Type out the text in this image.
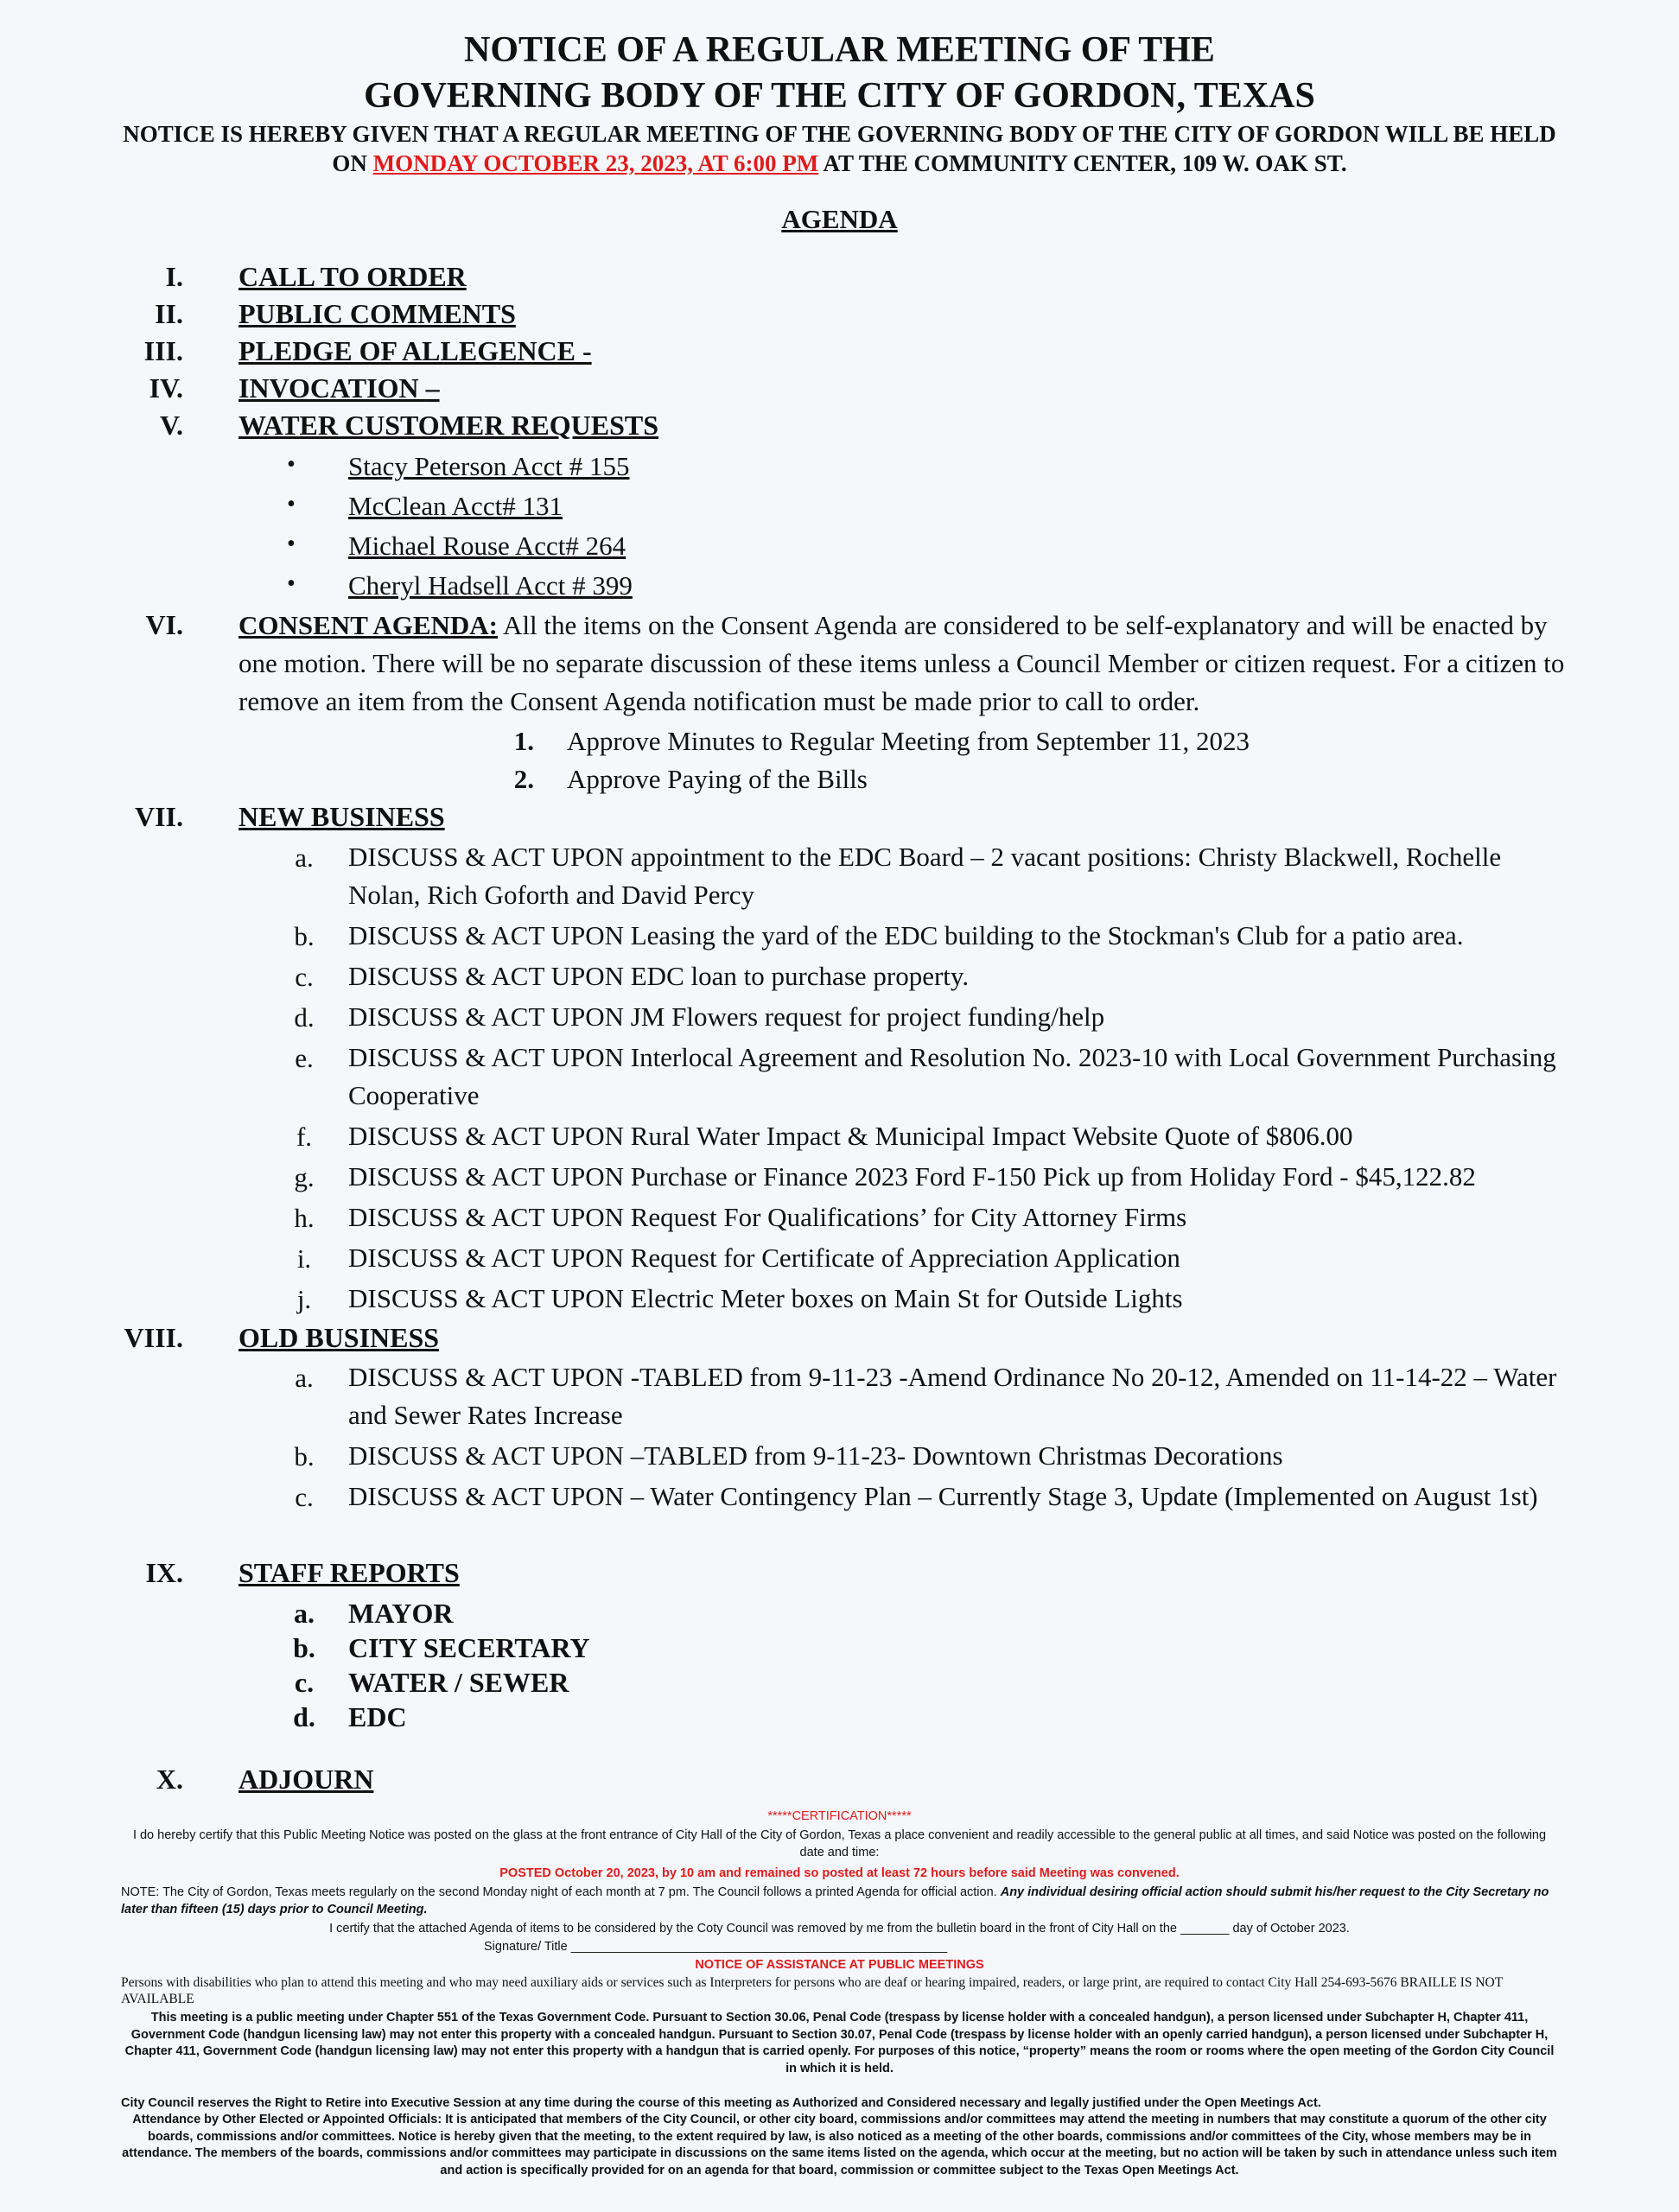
NOTICE OF A REGULAR MEETING OF THE
GOVERNING BODY OF THE CITY OF GORDON, TEXAS
NOTICE IS HEREBY GIVEN THAT A REGULAR MEETING OF THE GOVERNING BODY OF THE CITY OF GORDON WILL BE HELD ON MONDAY OCTOBER 23, 2023, AT 6:00 PM AT THE COMMUNITY CENTER, 109 W. OAK ST.
AGENDA
I. CALL TO ORDER
II. PUBLIC COMMENTS
III. PLEDGE OF ALLEGENCE -
IV. INVOCATION –
V. WATER CUSTOMER REQUESTS
• Stacy Peterson Acct # 155
• McClean Acct# 131
• Michael Rouse Acct# 264
• Cheryl Hadsell Acct # 399
VI. CONSENT AGENDA: All the items on the Consent Agenda are considered to be self-explanatory and will be enacted by one motion. There will be no separate discussion of these items unless a Council Member or citizen request. For a citizen to remove an item from the Consent Agenda notification must be made prior to call to order.
1. Approve Minutes to Regular Meeting from September 11, 2023
2. Approve Paying of the Bills
VII. NEW BUSINESS
a. DISCUSS & ACT UPON appointment to the EDC Board – 2 vacant positions: Christy Blackwell, Rochelle Nolan, Rich Goforth and David Percy
b. DISCUSS & ACT UPON Leasing the yard of the EDC building to the Stockman's Club for a patio area.
c. DISCUSS & ACT UPON EDC loan to purchase property.
d. DISCUSS & ACT UPON JM Flowers request for project funding/help
e. DISCUSS & ACT UPON Interlocal Agreement and Resolution No. 2023-10 with Local Government Purchasing Cooperative
f.	DISCUSS & ACT UPON Rural Water Impact & Municipal Impact Website Quote of $806.00
g. DISCUSS & ACT UPON Purchase or Finance 2023 Ford F-150 Pick up from Holiday Ford - $45,122.82
h. DISCUSS & ACT UPON Request For Qualifications’ for City Attorney Firms
i.	DISCUSS & ACT UPON Request for Certificate of Appreciation Application
j.	DISCUSS & ACT UPON Electric Meter boxes on Main St for Outside Lights
VIII. OLD BUSINESS
a. DISCUSS & ACT UPON -TABLED from 9-11-23 -Amend Ordinance No 20-12, Amended on 11-14-22 – Water and Sewer Rates Increase
b. DISCUSS & ACT UPON –TABLED from 9-11-23- Downtown Christmas Decorations
c. DISCUSS & ACT UPON – Water Contingency Plan – Currently Stage 3, Update (Implemented on August 1st)
IX. STAFF REPORTS
a. MAYOR
b. CITY SECERTARY
c. WATER / SEWER
d. EDC
X. ADJOURN
*****CERTIFICATION*****
I do hereby certify that this Public Meeting Notice was posted on the glass at the front entrance of City Hall of the City of Gordon, Texas a place convenient and readily accessible to the general public at all times, and said Notice was posted on the following date and time:
POSTED October 20, 2023, by 10 am and remained so posted at least 72 hours before said Meeting was convened.
NOTE: The City of Gordon, Texas meets regularly on the second Monday night of each month at 7 pm. The Council follows a printed Agenda for official action. Any individual desiring official action should submit his/her request to the City Secretary no later than fifteen (15) days prior to Council Meeting.
I certify that the attached Agenda of items to be considered by the Coty Council was removed by me from the bulletin board in the front of City Hall on the _______ day of October 2023.
Signature/ Title ______________________________________________________
NOTICE OF ASSISTANCE AT PUBLIC MEETINGS
Persons with disabilities who plan to attend this meeting and who may need auxiliary aids or services such as Interpreters for persons who are deaf or hearing impaired, readers, or large print, are required to contact City Hall 254-693-5676 BRAILLE IS NOT AVAILABLE
This meeting is a public meeting under Chapter 551 of the Texas Government Code. Pursuant to Section 30.06, Penal Code (trespass by license holder with a concealed handgun), a person licensed under Subchapter H, Chapter 411, Government Code (handgun licensing law) may not enter this property with a concealed handgun. Pursuant to Section 30.07, Penal Code (trespass by license holder with an openly carried handgun), a person licensed under Subchapter H, Chapter 411, Government Code (handgun licensing law) may not enter this property with a handgun that is carried openly. For purposes of this notice, “property” means the room or rooms where the open meeting of the Gordon City Council in which it is held.
City Council reserves the Right to Retire into Executive Session at any time during the course of this meeting as Authorized and Considered necessary and legally justified under the Open Meetings Act.
Attendance by Other Elected or Appointed Officials: It is anticipated that members of the City Council, or other city board, commissions and/or committees may attend the meeting in numbers that may constitute a quorum of the other city boards, commissions and/or committees. Notice is hereby given that the meeting, to the extent required by law, is also noticed as a meeting of the other boards, commissions and/or committees of the City, whose members may be in attendance. The members of the boards, commissions and/or committees may participate in discussions on the same items listed on the agenda, which occur at the meeting, but no action will be taken by such in attendance unless such item and action is specifically provided for on an agenda for that board, commission or committee subject to the Texas Open Meetings Act.
